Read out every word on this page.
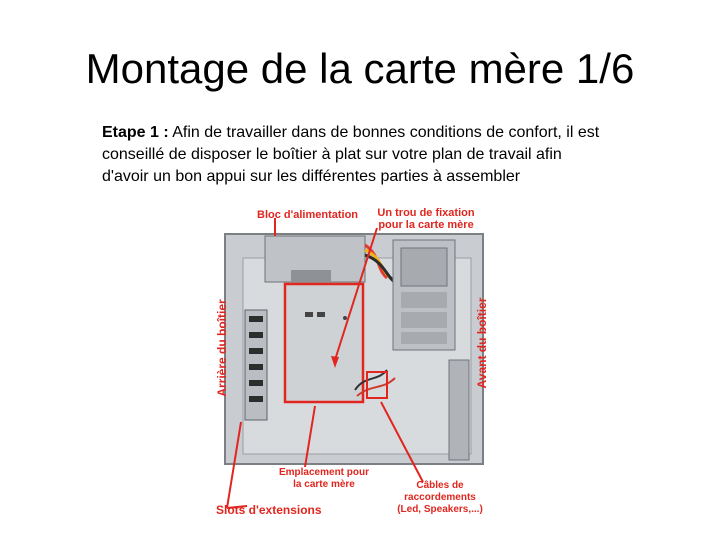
Montage de la carte mère 1/6
Etape 1 : Afin de travailler dans de bonnes conditions de confort, il est conseillé de disposer le boîtier à plat sur votre plan de travail afin d'avoir un bon appui sur les différentes parties à assembler
Bloc d'alimentation	Un trou de fixation
pour la carte mère
Arrière du boîtier	Avant du boîtier
Emplacement pour
la carte mère	Câbles de
raccordements
(Led, Speakers,...)
Slots d'extensions
